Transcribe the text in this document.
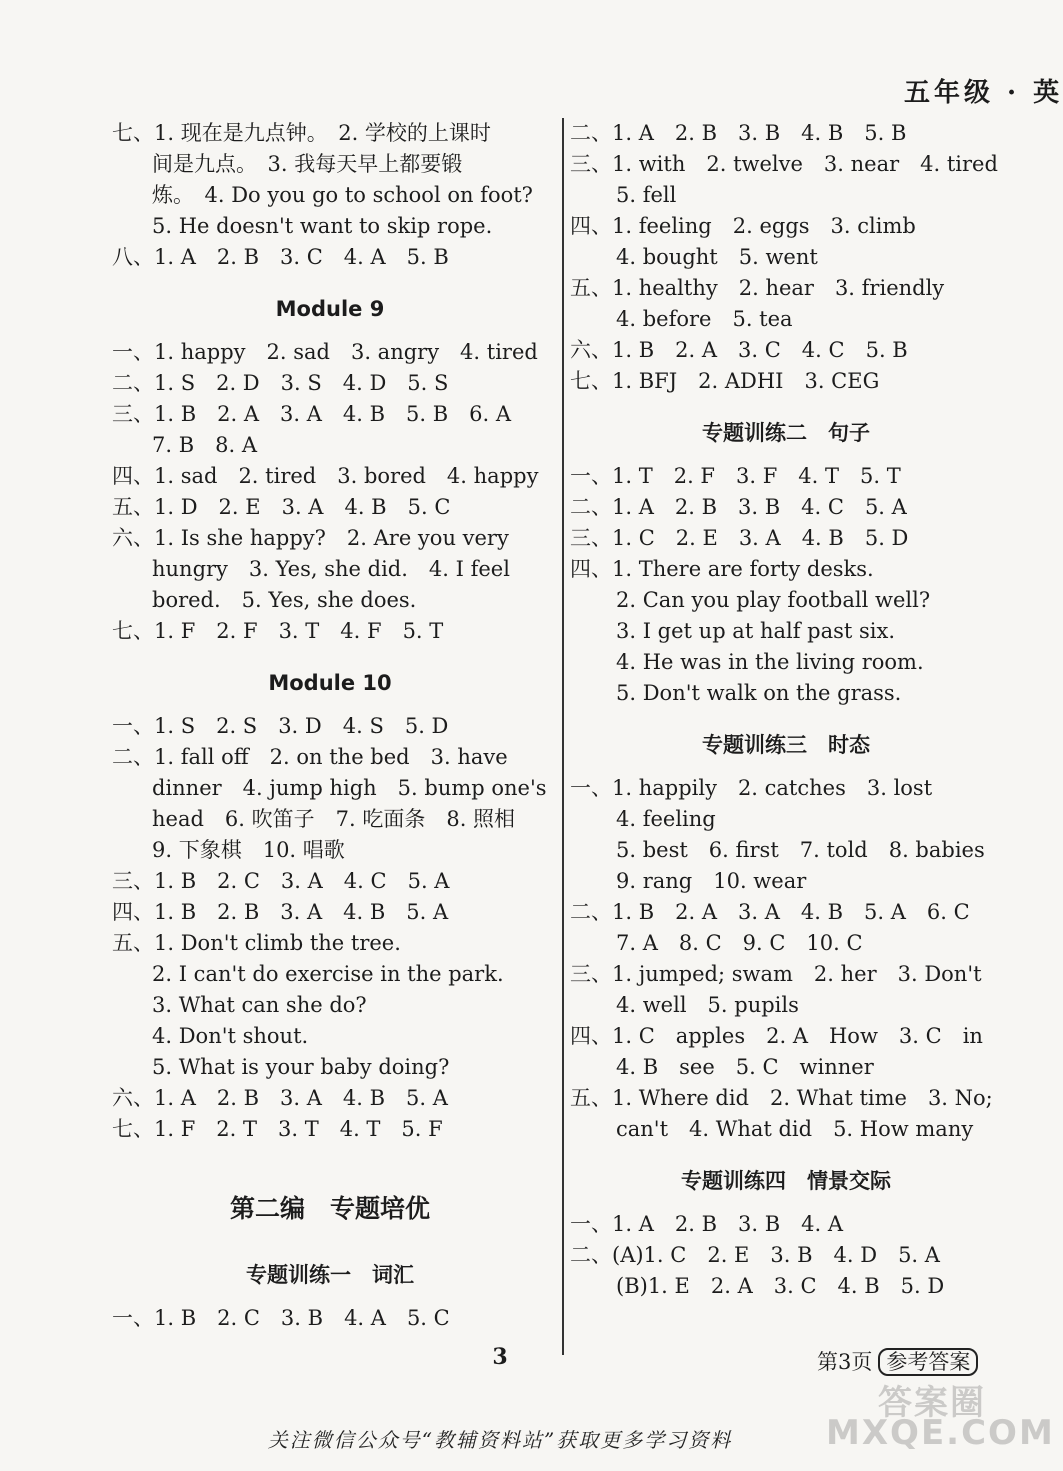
五年级 · 英
七、1. 现在是九点钟。　2. 学校的上课时
间是九点。　3. 我每天早上都要锻
炼。　4. Do you go to school on foot?
5. He doesn't want to skip rope.
八、1. A　2. B　3. C　4. A　5. B
Module 9
一、1. happy　2. sad　3. angry　4. tired
二、1. S　2. D　3. S　4. D　5. S
三、1. B　2. A　3. A　4. B　5. B　6. A
7. B　8. A
四、1. sad　2. tired　3. bored　4. happy
五、1. D　2. E　3. A　4. B　5. C
六、1. Is she happy?　2. Are you very
hungry　3. Yes, she did.　4. I feel
bored.　5. Yes, she does.
七、1. F　2. F　3. T　4. F　5. T
Module 10
一、1. S　2. S　3. D　4. S　5. D
二、1. fall off　2. on the bed　3. have
dinner　4. jump high　5. bump one's
head　6. 吹笛子　7. 吃面条　8. 照相
9. 下象棋　10. 唱歌
三、1. B　2. C　3. A　4. C　5. A
四、1. B　2. B　3. A　4. B　5. A
五、1. Don't climb the tree.
2. I can't do exercise in the park.
3. What can she do?
4. Don't shout.
5. What is your baby doing?
六、1. A　2. B　3. A　4. B　5. A
七、1. F　2. T　3. T　4. T　5. F
第二编　专题培优
专题训练一　词汇
一、1. B　2. C　3. B　4. A　5. C
二、1. A　2. B　3. B　4. B　5. B
三、1. with　2. twelve　3. near　4. tired
5. fell
四、1. feeling　2. eggs　3. climb
4. bought　5. went
五、1. healthy　2. hear　3. friendly
4. before　5. tea
六、1. B　2. A　3. C　4. C　5. B
七、1. BFJ　2. ADHI　3. CEG
专题训练二　句子
一、1. T　2. F　3. F　4. T　5. T
二、1. A　2. B　3. B　4. C　5. A
三、1. C　2. E　3. A　4. B　5. D
四、1. There are forty desks.
2. Can you play football well?
3. I get up at half past six.
4. He was in the living room.
5. Don't walk on the grass.
专题训练三　时态
一、1. happily　2. catches　3. lost
4. feeling
5. best　6. first　7. told　8. babies
9. rang　10. wear
二、1. B　2. A　3. A　4. B　5. A　6. C
7. A　8. C　9. C　10. C
三、1. jumped; swam　2. her　3. Don't
4. well　5. pupils
四、1. C　apples　2. A　How　3. C　in
4. B　see　5. C　winner
五、1. Where did　2. What time　3. No;
can't　4. What did　5. How many
专题训练四　情景交际
一、1. A　2. B　3. B　4. A
二、(A)1. C　2. E　3. B　4. D　5. A
(B)1. E　2. A　3. C　4. B　5. D
3	第3页 参考答案
答案圈 MXQE.COM
关注微信公众号“教辅资料站”获取更多学习资料
